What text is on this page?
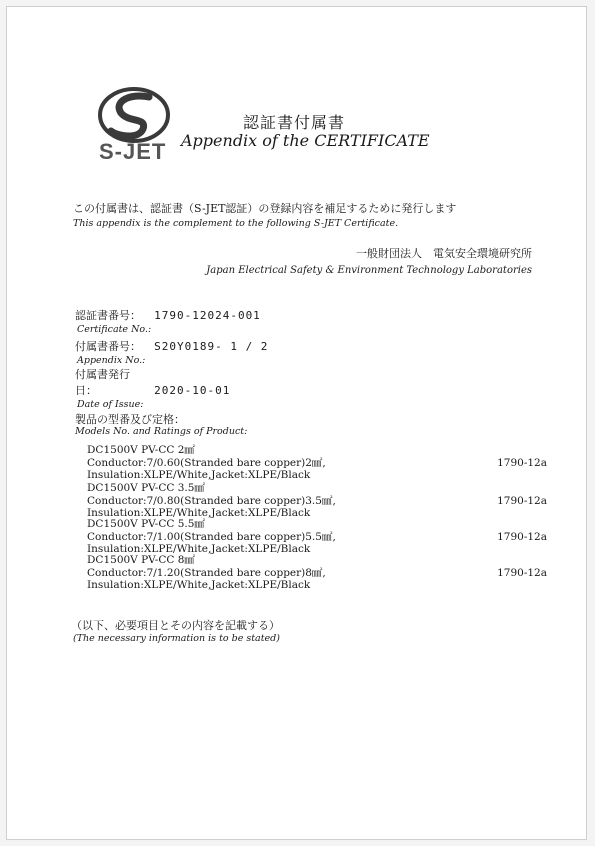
S-JET
認証書付属書
Appendix of the CERTIFICATE
この付属書は、認証書（S-JET認証）の登録内容を補足するために発行します
This appendix is the complement to the following S-JET Certificate.
一般財団法人　電気安全環境研究所
Japan Electrical Safety & Environment Technology Laboratories
認証書番号： 1790-12024-001
Certificate No.:
付属書番号： S20Y0189- 1 / 2
Appendix No.:
付属書発行日：	2020-10-01
Date of Issue:
製品の型番及び定格：
Models No. and Ratings of Product:
DC1500V PV-CC 2㎟
Conductor:7/0.60(Stranded bare copper)2㎟,
Insulation:XLPE/White,Jacket:XLPE/Black
1790-12a
DC1500V PV-CC 3.5㎟
Conductor:7/0.80(Stranded bare copper)3.5㎟,
Insulation:XLPE/White,Jacket:XLPE/Black
1790-12a
DC1500V PV-CC 5.5㎟
Conductor:7/1.00(Stranded bare copper)5.5㎟,
Insulation:XLPE/White,Jacket:XLPE/Black
1790-12a
DC1500V PV-CC 8㎟
Conductor:7/1.20(Stranded bare copper)8㎟,
Insulation:XLPE/White,Jacket:XLPE/Black
1790-12a
（以下、必要項目とその内容を記載する）
(The necessary information is to be stated)
